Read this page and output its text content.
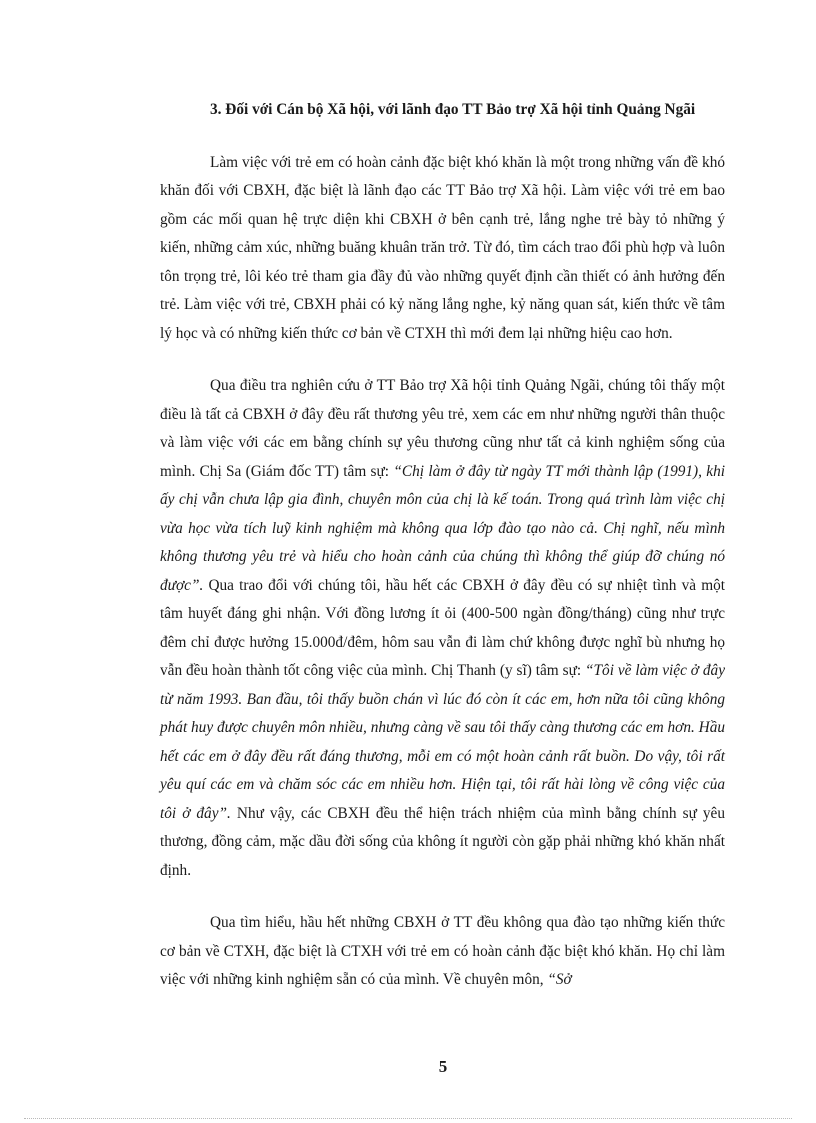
3. Đối với Cán bộ Xã hội, với lãnh đạo TT Bảo trợ Xã hội tỉnh Quảng Ngãi

Làm việc với trẻ em có hoàn cảnh đặc biệt khó khăn là một trong những vấn đề khó khăn đối với CBXH, đặc biệt là lãnh đạo các TT Bảo trợ Xã hội. Làm việc với trẻ em bao gồm các mối quan hệ trực diện khi CBXH ở bên cạnh trẻ, lắng nghe trẻ bày tỏ những ý kiến, những cảm xúc, những buăng khuân trăn trở. Từ đó, tìm cách trao đổi phù hợp và luôn tôn trọng trẻ, lôi kéo trẻ tham gia đầy đủ vào những quyết định cần thiết có ảnh hưởng đến trẻ. Làm việc với trẻ, CBXH phải có kỷ năng lắng nghe, kỷ năng quan sát, kiến thức về tâm lý học và có những kiến thức cơ bản về CTXH thì mới đem lại những hiệu cao hơn.

Qua điều tra nghiên cứu ở TT Bảo trợ Xã hội tỉnh Quảng Ngãi, chúng tôi thấy một điều là tất cả CBXH ở đây đều rất thương yêu trẻ, xem các em như những người thân thuộc và làm việc với các em bằng chính sự yêu thương cũng như tất cả kinh nghiệm sống của mình. Chị Sa (Giám đốc TT) tâm sự: “Chị làm ở đây từ ngày TT mới thành lập (1991), khi ấy chị vẫn chưa lập gia đình, chuyên môn của chị là kế toán. Trong quá trình làm việc chị vừa học vừa tích luỹ kinh nghiệm mà không qua lớp đào tạo nào cả. Chị nghĩ, nếu mình không thương yêu trẻ và hiểu cho hoàn cảnh của chúng thì không thể giúp đỡ chúng nó được”. Qua trao đổi với chúng tôi, hầu hết các CBXH ở đây đều có sự nhiệt tình và một tâm huyết đáng ghi nhận. Với đồng lương ít ỏi (400-500 ngàn đồng/tháng) cũng như trực đêm chỉ được hưởng 15.000đ/đêm, hôm sau vẫn đi làm chứ không được nghĩ bù nhưng họ vẫn đều hoàn thành tốt công việc của mình. Chị Thanh (y sĩ) tâm sự: “Tôi về làm việc ở đây từ năm 1993. Ban đầu, tôi thấy buồn chán vì lúc đó còn ít các em, hơn nữa tôi cũng không phát huy được chuyên môn nhiều, nhưng càng về sau tôi thấy càng thương các em hơn. Hầu hết các em ở đây đều rất đáng thương, mỗi em có một hoàn cảnh rất buồn. Do vậy, tôi rất yêu quí các em và chăm sóc các em nhiều hơn. Hiện tại, tôi rất hài lòng về công việc của tôi ở đây”. Như vậy, các CBXH đều thể hiện trách nhiệm của mình bằng chính sự yêu thương, đồng cảm, mặc dầu đời sống của không ít người còn gặp phải những khó khăn nhất định.

Qua tìm hiểu, hầu hết những CBXH ở TT đều không qua đào tạo những kiến thức cơ bản về CTXH, đặc biệt là CTXH với trẻ em có hoàn cảnh đặc biệt khó khăn. Họ chỉ làm việc với những kinh nghiệm sẵn có của mình. Về chuyên môn, “Sở

5
